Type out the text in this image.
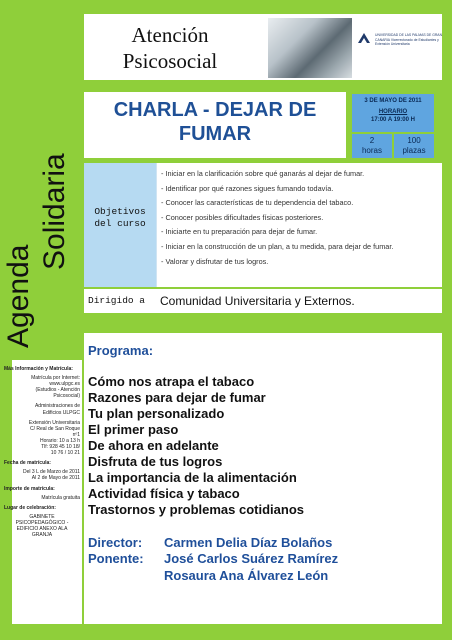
Atención
Psicosocial
UNIVERSIDAD DE LAS PALMAS DE GRAN CANARIA Vicerrectorado de Estudiantes y Extensión Universitaria
Agenda
Solidaria
Más Información y Matrícula:
Matrícula por Internet:
www.ulpgc.es
(Estudios - Atención
Psicosocial)
Administraciones de
Edificios ULPGC
Extensión Universitaria
C/ Real de San Roque
nº1
Horario: 10 a 13 h
Tlf: 928 45 10 18/
10 76 / 10 21
Fecha de matrícula:
Del 3 L de Marzo de 2011
Al 2 de Mayo de 2011
Importe de matrícula:
Matrícula gratuita
Lugar de celebración:
GABINETE
PSICOPEDAGÓGICO -
EDIFICIO ANEXO ALA
GRANJA
CHARLA - DEJAR DE
FUMAR
3 DE MAYO DE 2011
HORARIO
17:00 A 19:00 H
2
horas
100
plazas
Objetivos
del curso
- Iniciar en la clarificación sobre qué ganarás al dejar de fumar.
- Identificar por qué razones sigues fumando todavía.
- Conocer las características de tu dependencia del tabaco.
- Conocer posibles dificultades físicas posteriores.
- Iniciarte en tu preparación para dejar de fumar.
- Iniciar en la construcción de un plan, a tu medida, para dejar de fumar.
- Valorar y disfrutar de tus logros.
Dirigido a	Comunidad Universitaria y Externos.
Programa:
Cómo nos atrapa el tabaco
Razones para dejar de fumar
Tu plan personalizado
El primer paso
De ahora en adelante
Disfruta de tus logros
La importancia de la alimentación
Actividad física y tabaco
Trastornos y problemas cotidianos
Director: Carmen Delia Díaz Bolaños
Ponente: José Carlos Suárez Ramírez
Rosaura Ana Álvarez León
